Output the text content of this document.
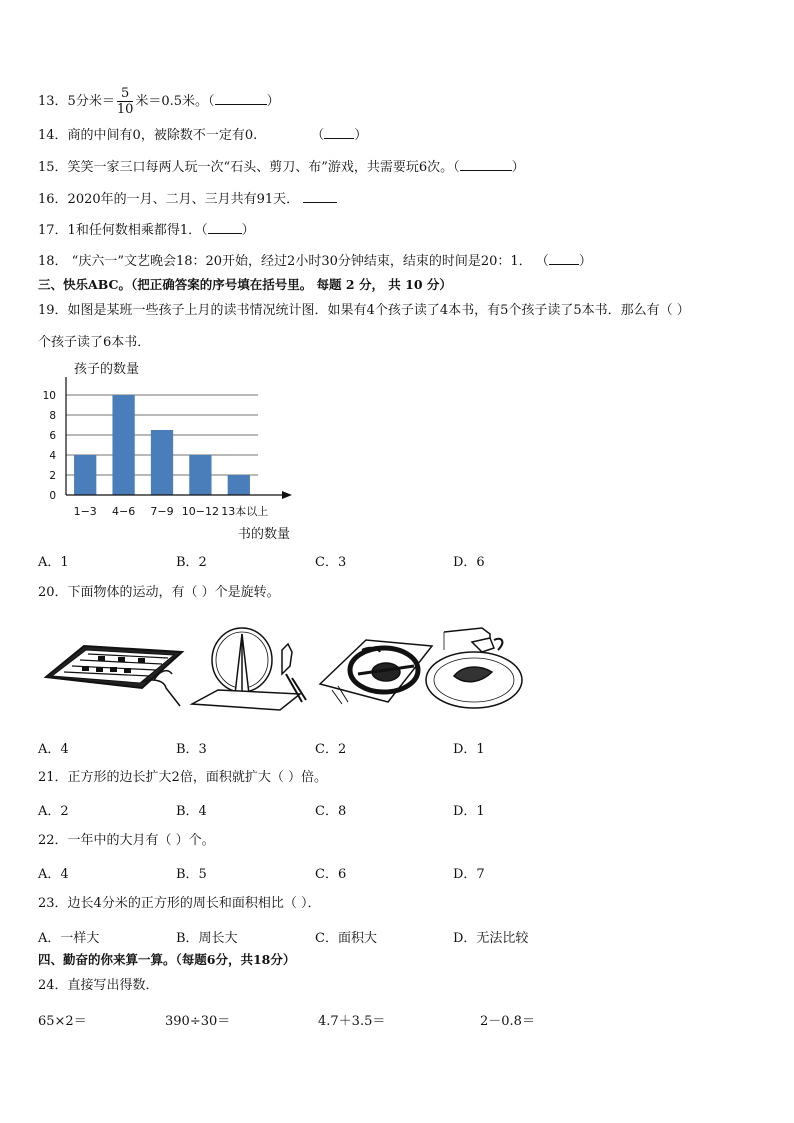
13．5分米＝ $\frac{5}{10}$ 米＝0.5米。（	）
14．商的中间有0，被除数不一定有0.	（ ）
15．笑笑一家三口每两人玩一次“石头、剪刀、布”游戏，共需要玩6次。（	）
16．2020年的一月、二月、三月共有91天．
17．1和任何数相乘都得1．（	）
18． “庆六一”文艺晚会18：20开始，经过2小时30分钟结束，结束的时间是20：1． （ ）
三、快乐ABC。（把正确答案的序号填在括号里。 每题 2 分， 共 10 分）
19．如图是某班一些孩子上月的读书情况统计图．如果有4个孩子读了4本书，有5个孩子读了5本书．那么有（ ）
个孩子读了6本书．
孩子的数量
0
2
4
6
8
10
1−3 4−6 7−9 10−12 13本以上
书的数量
A．1	B．2	C．3	D．6
20．下面物体的运动，有（ ）个是旋转。
A．4	B．3	C．2	D．1
21．正方形的边长扩大2倍，面积就扩大（ ）倍。
A．2	B．4	C．8	D．1
22．一年中的大月有（ ）个。
A．4	B．5	C．6	D．7
23．边长4分米的正方形的周长和面积相比（ ）．
A．一样大	B．周长大	C．面积大	D．无法比较
四、勤奋的你来算一算。（每题6分，共18分）
24．直接写出得数．
65×2＝	390÷30＝	4.7＋3.5＝	2－0.8＝
